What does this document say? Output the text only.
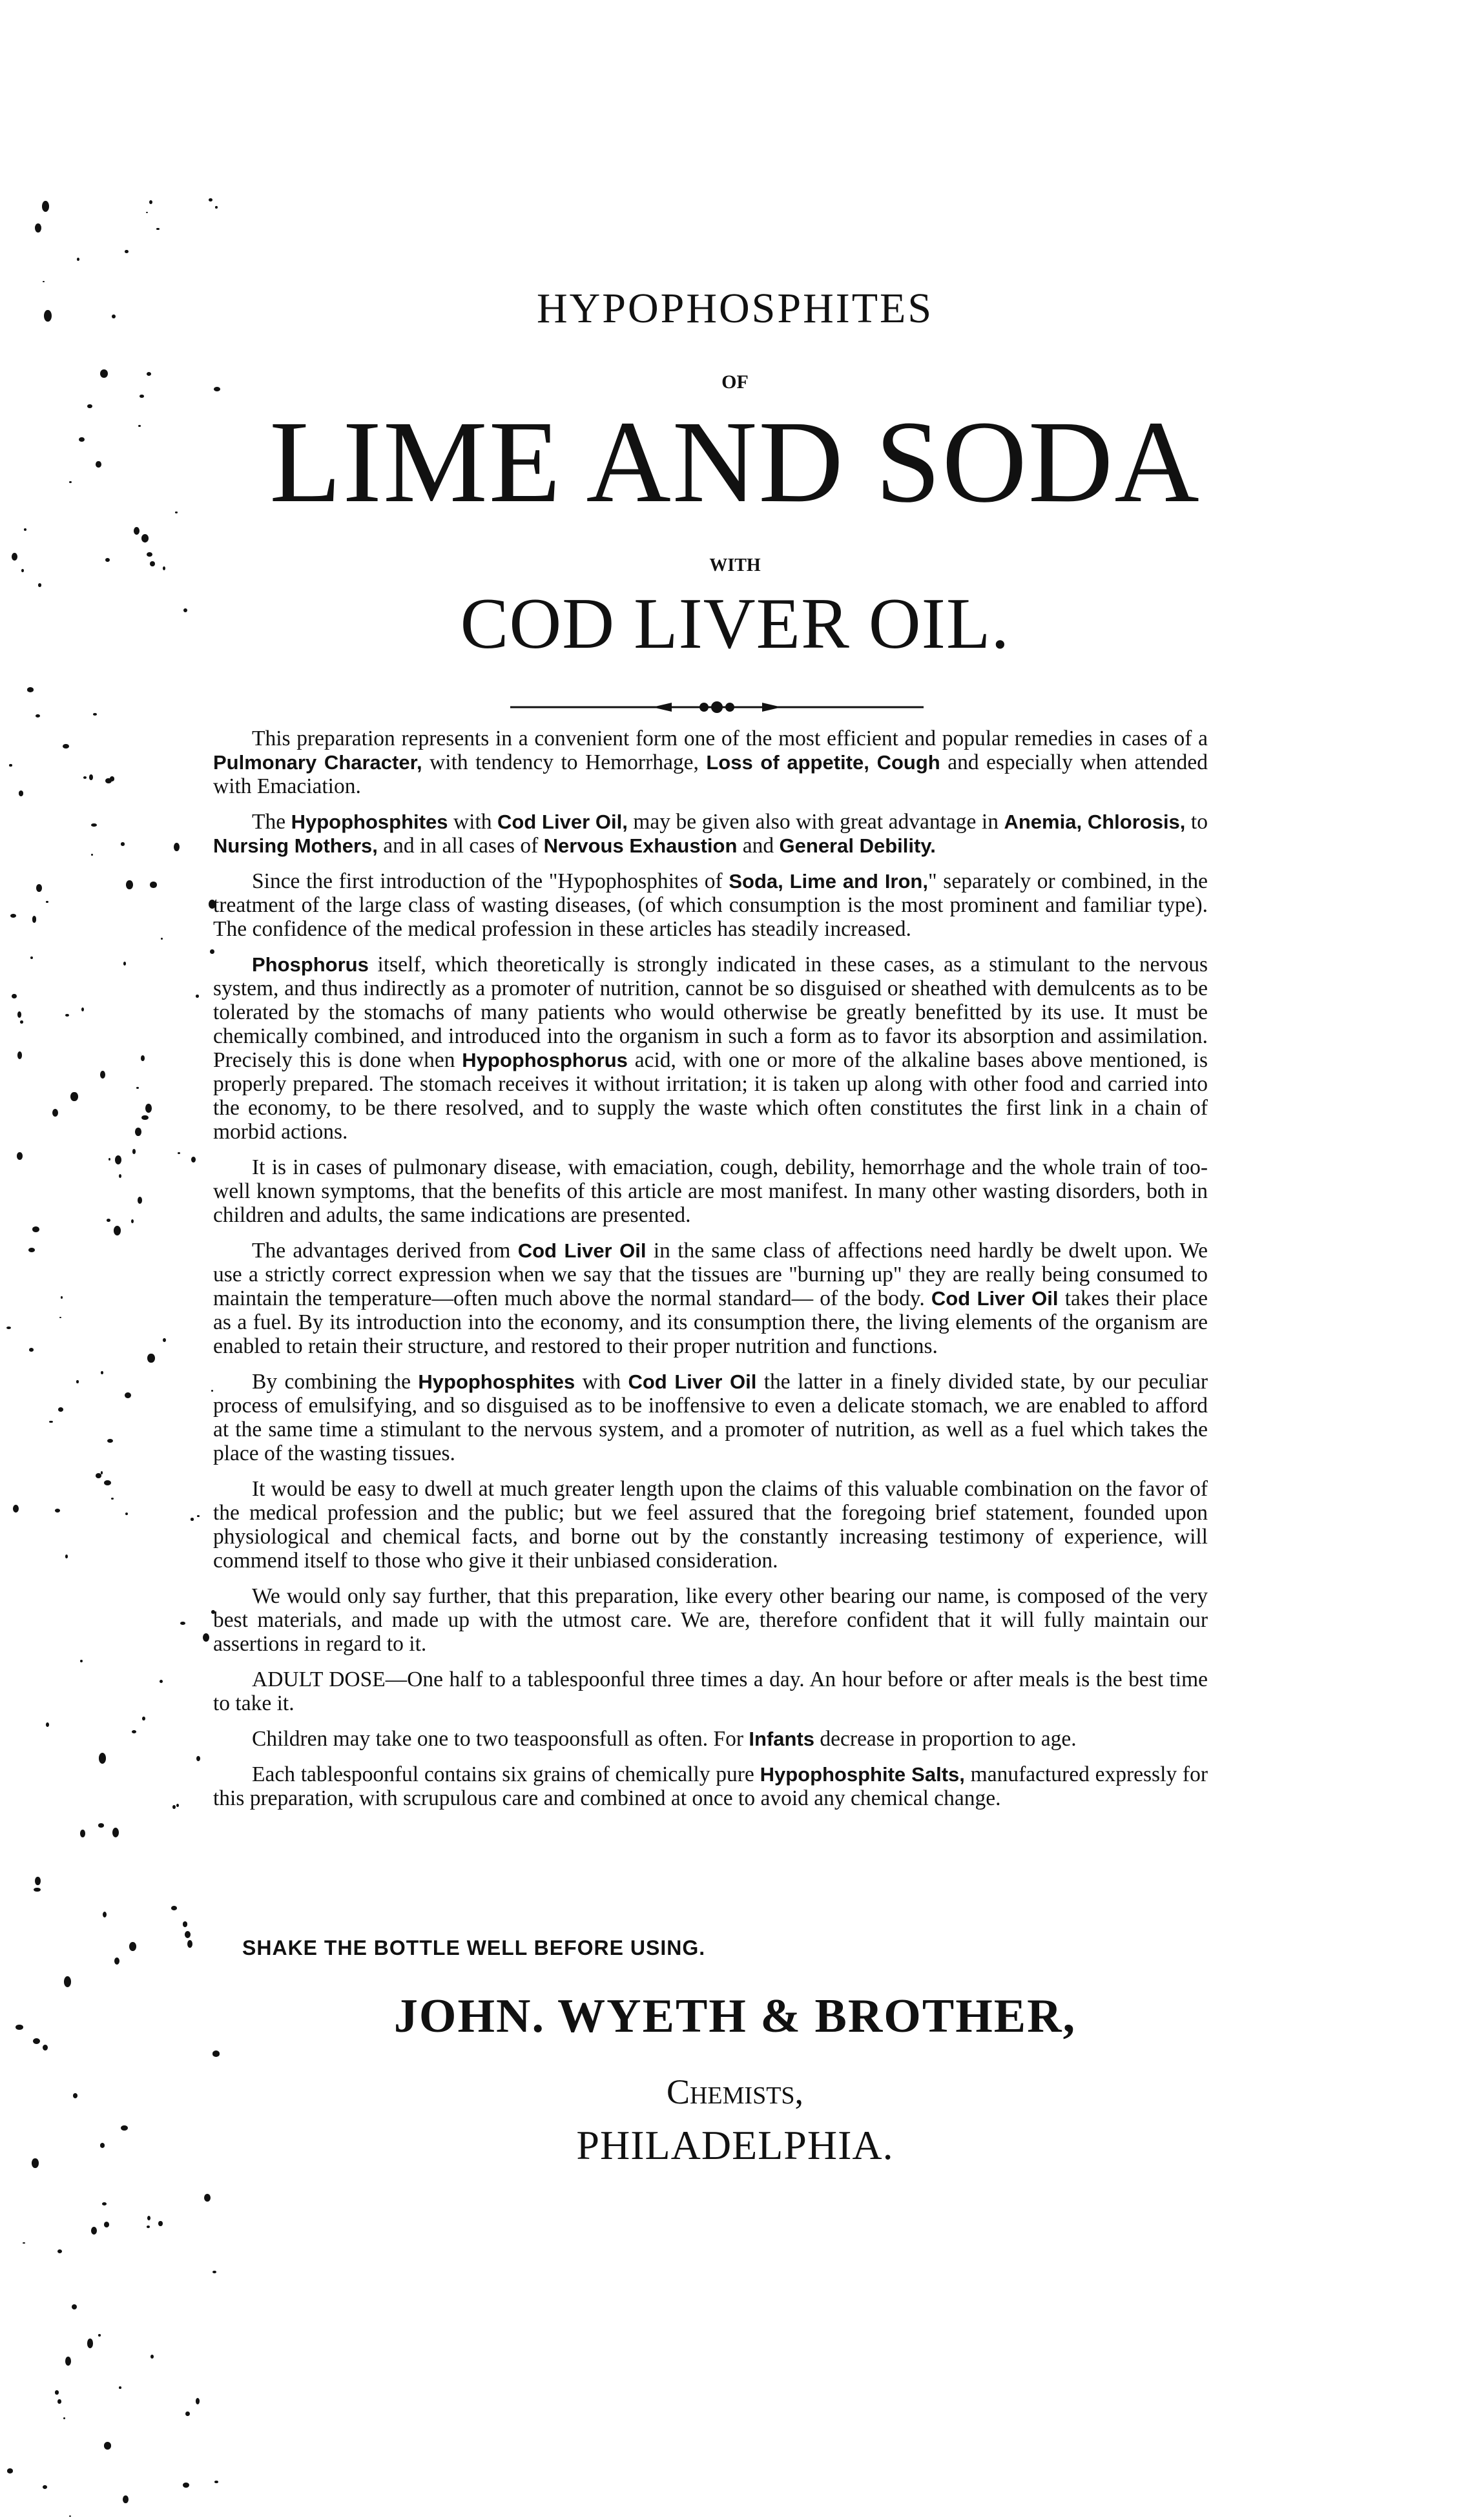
HYPOPHOSPHITES
OF
LIME AND SODA
WITH
COD LIVER OIL.

This preparation represents in a convenient form one of the most efficient and popular remedies in cases of a Pulmonary Character, with tendency to Hemorrhage, Loss of appetite, Cough and especially when attended with Emaciation.

The Hypophosphites with Cod Liver Oil, may be given also with great advantage in Anemia, Chlorosis, to Nursing Mothers, and in all cases of Nervous Exhaustion and General Debility.

Since the first introduction of the "Hypophosphites of Soda, Lime and Iron," separately or combined, in the treatment of the large class of wasting diseases, (of which consumption is the most prominent and familiar type). The confidence of the medical profession in these articles has steadily increased.

Phosphorus itself, which theoretically is strongly indicated in these cases, as a stimulant to the nervous system, and thus indirectly as a promoter of nutrition, cannot be so disguised or sheathed with demulcents as to be tolerated by the stomachs of many patients who would otherwise be greatly benefitted by its use. It must be chemically combined, and introduced into the organism in such a form as to favor its absorption and assimilation. Precisely this is done when Hypophosphorus acid, with one or more of the alkaline bases above mentioned, is properly prepared. The stomach receives it without irritation; it is taken up along with other food and carried into the economy, to be there resolved, and to supply the waste which often constitutes the first link in a chain of morbid actions.

It is in cases of pulmonary disease, with emaciation, cough, debility, hemorrhage and the whole train of too-well known symptoms, that the benefits of this article are most manifest. In many other wasting disorders, both in children and adults, the same indications are presented.

The advantages derived from Cod Liver Oil in the same class of affections need hardly be dwelt upon. We use a strictly correct expression when we say that the tissues are "burning up" they are really being consumed to maintain the temperature—often much above the normal standard— of the body. Cod Liver Oil takes their place as a fuel. By its introduction into the economy, and its consumption there, the living elements of the organism are enabled to retain their structure, and restored to their proper nutrition and functions.

By combining the Hypophosphites with Cod Liver Oil the latter in a finely divided state, by our peculiar process of emulsifying, and so disguised as to be inoffensive to even a delicate stomach, we are enabled to afford at the same time a stimulant to the nervous system, and a promoter of nutrition, as well as a fuel which takes the place of the wasting tissues.

It would be easy to dwell at much greater length upon the claims of this valuable combination on the favor of the medical profession and the public; but we feel assured that the foregoing brief statement, founded upon physiological and chemical facts, and borne out by the constantly increasing testimony of experience, will commend itself to those who give it their unbiased consideration.

We would only say further, that this preparation, like every other bearing our name, is composed of the very best materials, and made up with the utmost care. We are, therefore confident that it will fully maintain our assertions in regard to it.

ADULT DOSE—One half to a tablespoonful three times a day. An hour before or after meals is the best time to take it.

Children may take one to two teaspoonsfull as often. For Infants decrease in proportion to age.

Each tablespoonful contains six grains of chemically pure Hypophosphite Salts, manufactured expressly for this preparation, with scrupulous care and combined at once to avoid any chemical change.

SHAKE THE BOTTLE WELL BEFORE USING.
JOHN. WYETH & BROTHER,
Chemists,
PHILADELPHIA.
